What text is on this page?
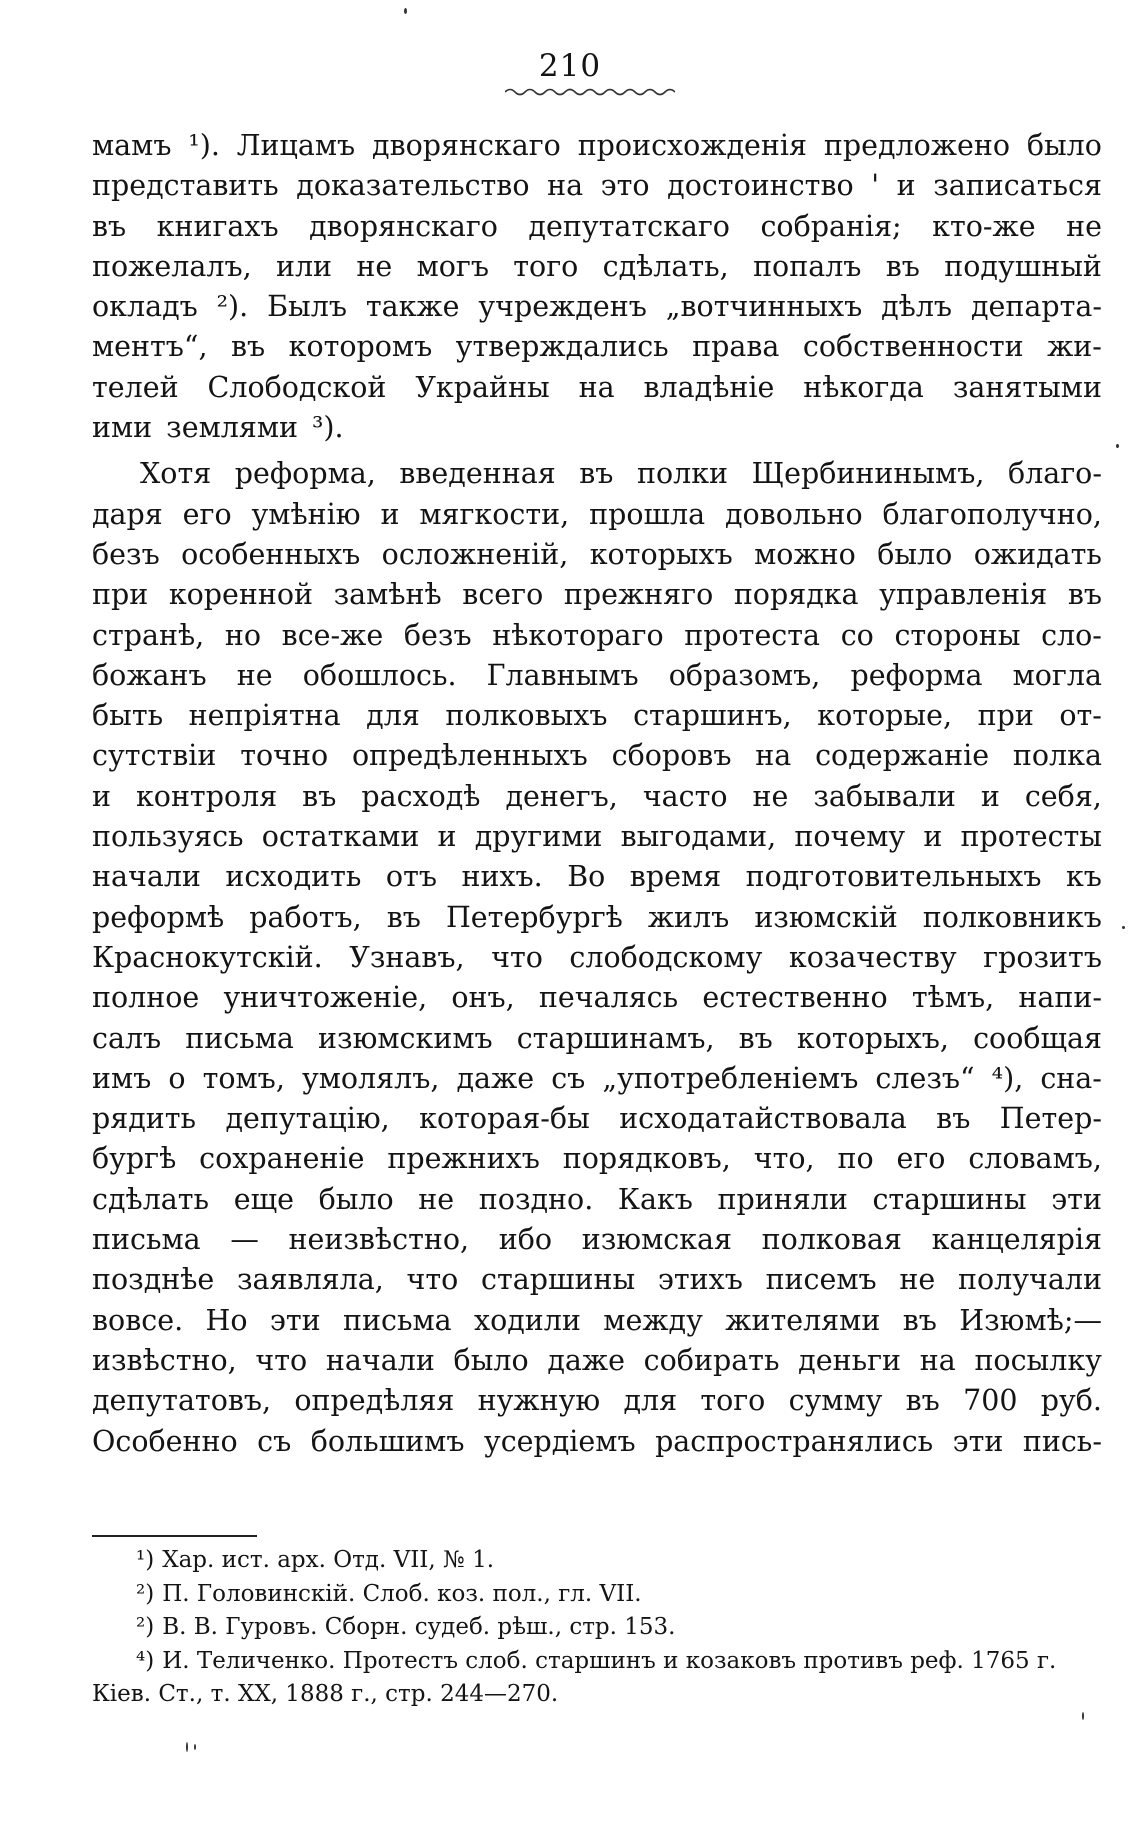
210
мамъ ¹). Лицамъ дворянскаго происхожденія предложено было
представить доказательство на это достоинство ' и записаться
въ книгахъ дворянскаго депутатскаго собранія; кто-же не
пожелалъ, или не могъ того сдѣлать, попалъ въ подушный
окладъ ²). Былъ также учрежденъ „вотчинныхъ дѣлъ департа-
ментъ“, въ которомъ утверждались права собственности жи-
телей Слободской Украйны на владѣніе нѣкогда занятыми
ими землями ³).
Хотя реформа, введенная въ полки Щербининымъ, благо-
даря его умѣнію и мягкости, прошла довольно благополучно,
безъ особенныхъ осложненій, которыхъ можно было ожидать
при коренной замѣнѣ всего прежняго порядка управленія въ
странѣ, но все-же безъ нѣкотораго протеста со стороны сло-
божанъ не обошлось. Главнымъ образомъ, реформа могла
быть непріятна для полковыхъ старшинъ, которые, при от-
сутствіи точно опредѣленныхъ сборовъ на содержаніе полка
и контроля въ расходѣ денегъ, часто не забывали и себя,
пользуясь остатками и другими выгодами, почему и протесты
начали исходить отъ нихъ. Во время подготовительныхъ къ
реформѣ работъ, въ Петербургѣ жилъ изюмскій полковникъ
Краснокутскій. Узнавъ, что слободскому козачеству грозитъ
полное уничтоженіе, онъ, печалясь естественно тѣмъ, напи-
салъ письма изюмскимъ старшинамъ, въ которыхъ, сообщая
имъ о томъ, умолялъ, даже съ „употребленіемъ слезъ“ ⁴), сна-
рядить депутацію, которая-бы исходатайствовала въ Петер-
бургѣ сохраненіе прежнихъ порядковъ, что, по его словамъ,
сдѣлать еще было не поздно. Какъ приняли старшины эти
письма — неизвѣстно, ибо изюмская полковая канцелярія
позднѣе заявляла, что старшины этихъ писемъ не получали
вовсе. Но эти письма ходили между жителями въ Изюмѣ;—
извѣстно, что начали было даже собирать деньги на посылку
депутатовъ, опредѣляя нужную для того сумму въ 700 руб.
Особенно съ большимъ усердіемъ распространялись эти пись-
¹) Хар. ист. арх. Отд. VII, № 1.
²) П. Головинскій. Слоб. коз. пол., гл. VII.
²) В. В. Гуровъ. Сборн. судеб. рѣш., стр. 153.
⁴) И. Теличенко. Протестъ слоб. старшинъ и козаковъ противъ реф. 1765 г.
Кіев. Ст., т. XX, 1888 г., стр. 244—270.
